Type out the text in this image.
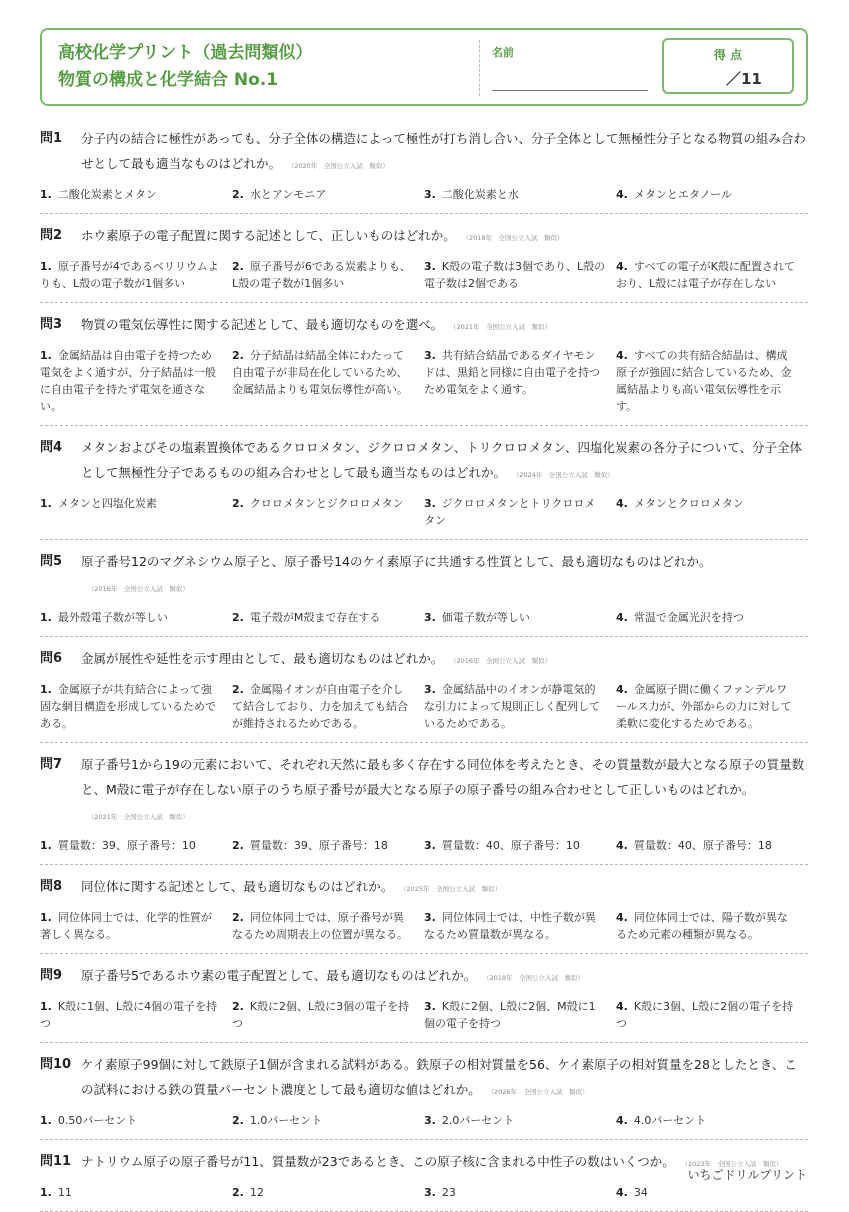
高校化学プリント（過去問類似）
物質の構成と化学結合 No.1
名前	得 点
／11
問1 分子内の結合に極性があっても、分子全体の構造によって極性が打ち消し合い、分子全体として無極性分子となる物質の組み合わせとして最も適当なものはどれか。 （2020年　全国公立入試　類似）
1. 二酸化炭素とメタン	2. 水とアンモニア	3. 二酸化炭素と水	4. メタンとエタノール
問2 ホウ素原子の電子配置に関する記述として、正しいものはどれか。 （2018年　全国公立入試　類似）
1. 原子番号が4であるベリリウムよりも、L殻の電子数が1個多い
2. 原子番号が6である炭素よりも、L殻の電子数が1個多い
3. K殻の電子数は3個であり、L殻の電子数は2個である
4. すべての電子がK殻に配置されており、L殻には電子が存在しない
問3 物質の電気伝導性に関する記述として、最も適切なものを選べ。 （2021年　全国公立入試　類似）
1. 金属結晶は自由電子を持つため電気をよく通すが、分子結晶は一般に自由電子を持たず電気を通さない。
2. 分子結晶は結晶全体にわたって自由電子が非局在化しているため、金属結晶よりも電気伝導性が高い。
3. 共有結合結晶であるダイヤモンドは、黒鉛と同様に自由電子を持つため電気をよく通す。
4. すべての共有結合結晶は、構成原子が強固に結合しているため、金属結晶よりも高い電気伝導性を示す。
問4 メタンおよびその塩素置換体であるクロロメタン、ジクロロメタン、トリクロロメタン、四塩化炭素の各分子について、分子全体として無極性分子であるものの組み合わせとして最も適当なものはどれか。 （2024年　全国公立入試　類似）
1. メタンと四塩化炭素	2. クロロメタンとジクロロメタン	3. ジクロロメタンとトリクロロメタン
4. メタンとクロロメタン
問5 原子番号12のマグネシウム原子と、原子番号14のケイ素原子に共通する性質として、最も適切なものはどれか。（2016年　全国公立入試　類似）
1. 最外殻電子数が等しい	2. 電子殻がM殻まで存在する	3. 価電子数が等しい	4. 常温で金属光沢を持つ
問6 金属が展性や延性を示す理由として、最も適切なものはどれか。 （2016年　全国公立入試　類似）
1. 金属原子が共有結合によって強固な網目構造を形成しているためである。
2. 金属陽イオンが自由電子を介して結合しており、力を加えても結合が維持されるためである。
3. 金属結晶中のイオンが静電気的な引力によって規則正しく配列しているためである。
4. 金属原子間に働くファンデルワールス力が、外部からの力に対して柔軟に変化するためである。
問7 原子番号1から19の元素において、それぞれ天然に最も多く存在する同位体を考えたとき、その質量数が最大となる原子の質量数と、M殻に電子が存在しない原子のうち原子番号が最大となる原子の原子番号の組み合わせとして正しいものはどれか。（2021年　全国公立入試　類似）
1. 質量数：39、原子番号：10	2. 質量数：39、原子番号：18	3. 質量数：40、原子番号：10	4. 質量数：40、原子番号：18
問8 同位体に関する記述として、最も適切なものはどれか。 （2025年　全国公立入試　類似）
1. 同位体同士では、化学的性質が著しく異なる。
2. 同位体同士では、原子番号が異なるため周期表上の位置が異なる。
3. 同位体同士では、中性子数が異なるため質量数が異なる。
4. 同位体同士では、陽子数が異なるため元素の種類が異なる。
問9 原子番号5であるホウ素の電子配置として、最も適切なものはどれか。 （2018年　全国公立入試　類似）
1. K殻に1個、L殻に4個の電子を持つ
2. K殻に2個、L殻に3個の電子を持つ
3. K殻に2個、L殻に2個、M殻に1個の電子を持つ
4. K殻に3個、L殻に2個の電子を持つ
問10 ケイ素原子99個に対して鉄原子1個が含まれる試料がある。鉄原子の相対質量を56、ケイ素原子の相対質量を28としたとき、この試料における鉄の質量パーセント濃度として最も適切な値はどれか。 （2026年　全国公立入試　類似）
1. 0.50パーセント	2. 1.0パーセント	3. 2.0パーセント	4. 4.0パーセント
問11 ナトリウム原子の原子番号が11、質量数が23であるとき、この原子核に含まれる中性子の数はいくつか。 （2023年　全国公立入試　類似）
1. 11	2. 12	3. 23	4. 34
いちごドリルプリント
